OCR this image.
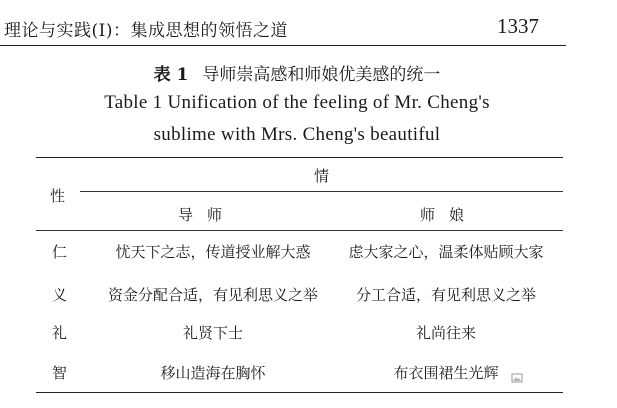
理论与实践(Ⅰ)：集成思想的领悟之道	1337
表 1 导师崇高感和师娘优美感的统一
Table 1 Unification of the feeling of Mr. Cheng's
sublime with Mrs. Cheng's beautiful
性
情
导师	师娘
仁	忧天下之志，传道授业解大惑	虑大家之心，温柔体贴顾大家
义	资金分配合适，有见利思义之举	分工合适，有见利思义之举
礼	礼贤下士	礼尚往来
智	移山造海在胸怀	布衣围裙生光辉
